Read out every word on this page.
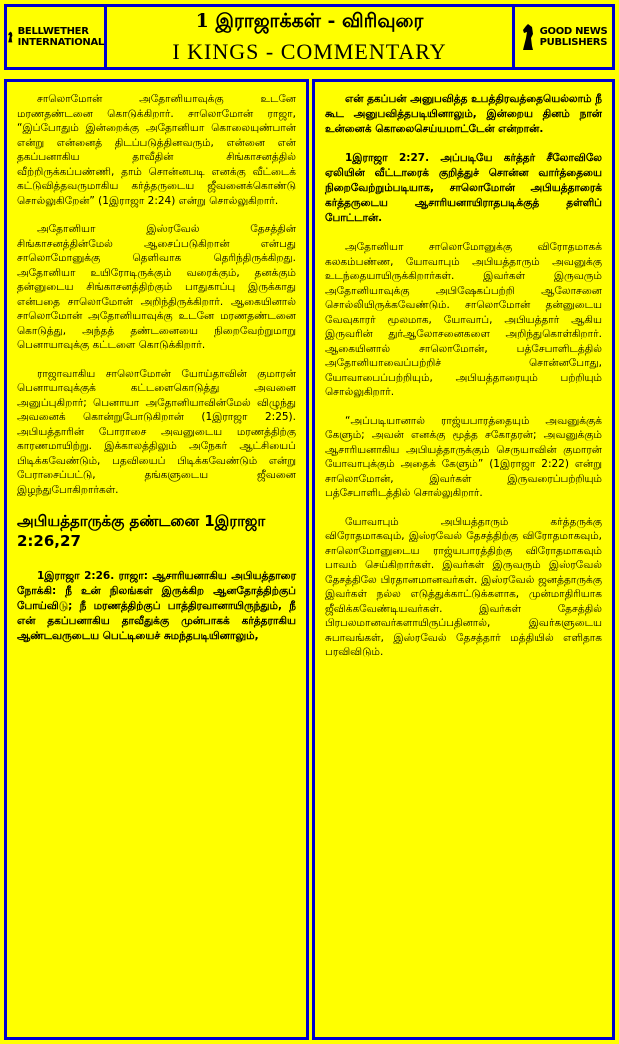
BELLWETHER
INTERNATIONAL
1 இராஜாக்கள் - விரிவுரை
I KINGS - COMMENTARY
GOOD NEWS
PUBLISHERS

சாலொமோன் அதோனியாவுக்கு உடனே மரணதண்டனை கொடுக்கிறார். சாலொமோன் ராஜா, “இப்போதும் இன்றைக்கு அதோனியா கொலையுண்பான் என்று என்னைத் திடப்படுத்தினவரும், என்னை என் தகப்பனாகிய தாவீதின் சிங்காசனத்தில் வீற்றிருக்கப்பண்ணி, தாம் சொன்னபடி எனக்கு வீட்டைக் கட்டுவித்தவருமாகிய கர்த்தருடைய ஜீவனைக்கொண்டு சொல்லுகிறேன்” (1இராஜா 2:24) என்று சொல்லுகிறார்.

அதோனியா இஸ்ரவேல் தேசத்தின் சிங்காசனத்தின்மேல் ஆசைப்படுகிறான் என்பது சாலொமோனுக்கு தெளிவாக தெரிந்திருக்கிறது. அதோனியா உயிரோடிருக்கும் வரைக்கும், தனக்கும் தன்னுடைய சிங்காசனத்திற்கும் பாதுகாப்பு இருக்காது என்பதை சாலொமோன் அறிந்திருக்கிறார். ஆகையினால் சாலொமோன் அதோனியாவுக்கு உடனே மரணதண்டனை கொடுத்து, அந்தத் தண்டனையை நிறைவேற்றுமாறு பெனாயாவுக்கு கட்டளை கொடுக்கிறார்.

ராஜாவாகிய சாலொமோன் யோய்தாவின் குமாரன் பெனாயாவுக்குக் கட்டளைகொடுத்து அவனை அனுப்புகிறார்; பெனாயா அதோனியாவின்மேல் விழுந்து அவனைக் கொன்றுபோடுகிறான் (1இராஜா 2:25). அபியத்தாரின் போராசை அவனுடைய மரணத்திற்கு காரணமாயிற்று. இக்காலத்திலும் அநேகர் ஆட்சியைப் பிடிக்கவேண்டும், பதவியைப் பிடிக்கவேண்டும் என்று பேராசைப்பட்டு, தங்களுடைய ஜீவனை இழந்துபோகிறார்கள்.

அபியத்தாருக்கு தண்டனை 1இராஜா 2:26,27

1இராஜா 2:26. ராஜா: ஆசாரியனாகிய அபியத்தாரை நோக்கி: நீ உன் நிலங்கள் இருக்கிற ஆனதோத்திற்குப் போய்விடு; நீ மரணத்திற்குப் பாத்திரவானாயிருந்தும், நீ என் தகப்பனாகிய தாவீதுக்கு முன்பாகக் கர்த்தராகிய ஆண்டவருடைய பெட்டியைச் சுமந்தபடியினாலும்,

என் தகப்பன் அனுபவித்த உபத்திரவத்தையெல்லாம் நீ கூட அனுபவித்தபடியினாலும், இன்றைய தினம் நான் உன்னைக் கொலைசெய்யமாட்டேன் என்றான்.

1இராஜா 2:27. அப்படியே கர்த்தர் சீலோவிலே ஏலியின் வீட்டாரைக் குறித்துச் சொன்ன வார்த்தையை நிறைவேற்றும்படியாக, சாலொமோன் அபியத்தாரைக் கர்த்தருடைய ஆசாரியனாயிராதபடிக்குத் தள்ளிப் போட்டான்.

அதோனியா சாலொமோனுக்கு விரோதமாகக் கலகம்பண்ண, யோவாபும் அபியத்தாரும் அவனுக்கு உடந்தையாயிருக்கிறார்கள். இவர்கள் இருவரும் அதோனியாவுக்கு அபிஷேகப்பற்றி ஆலோசனை சொல்லியிருக்கவேண்டும். சாலொமோன் தன்னுடைய வேவுகாரர் மூலமாக, யோவாப், அபியத்தார் ஆகிய இருவரின் துர்ஆலோசனைகளை அறிந்துகொள்கிறார். ஆகையினால் சாலொமோன், பத்சேபாளிடத்தில் அதோனியாவைப்பற்றிச் சொன்னபோது, யோவாபைப்பற்றியும், அபியத்தாரையும் பற்றியும் சொல்லுகிறார்.

“அப்படியானால் ராஜ்யபாரத்தையும் அவனுக்குக் கேளும்; அவன் எனக்கு மூத்த சகோதரன்; அவனுக்கும் ஆசாரியனாகிய அபியத்தாருக்கும் செருயாவின் குமாரன் யோவாபுக்கும் அதைக் கேளும்” (1இராஜா 2:22) என்று சாலொமோன், இவர்கள் இருவரைப்பற்றியும் பத்சேபாளிடத்தில் சொல்லுகிறார்.

யோவாபும் அபியத்தாரும் கர்த்தருக்கு விரோதமாகவும், இஸ்ரவேல் தேசத்திற்கு விரோதமாகவும், சாலொமோனுடைய ராஜ்யபாரத்திற்கு விரோதமாகவும் பாவம் செய்கிறார்கள். இவர்கள் இருவரும் இஸ்ரவேல் தேசத்திலே பிரதானமானவர்கள். இஸ்ரவேல் ஜனத்தாருக்கு இவர்கள் நல்ல எடுத்துக்காட்டுக்களாக, முன்மாதிரியாக ஜீவிக்கவேண்டியவர்கள். இவர்கள் தேசத்தில் பிரபலமானவர்களாயிருப்பதினால், இவர்களுடைய சுபாவங்கள், இஸ்ரவேல் தேசத்தார் மத்தியில் எளிதாக பரவிவிடும்.
